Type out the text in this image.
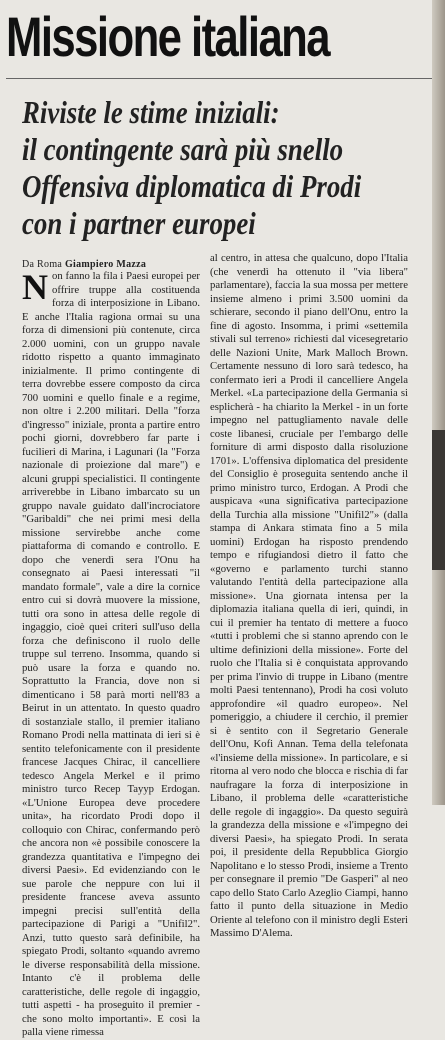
Missione italiana
Riviste le stime iniziali:
il contingente sarà più snello
Offensiva diplomatica di Prodi
con i partner europei
Da Roma Giampiero Mazza

Non fanno la fila i Paesi europei per offrire truppe alla costituenda forza di interposizione in Libano. E anche l'Italia ragiona ormai su una forza di dimensioni più contenute, circa 2.000 uomini, con un gruppo navale ridotto rispetto a quanto immaginato inizialmente. Il primo contingente di terra dovrebbe essere composto da circa 700 uomini e quello finale e a regime, non oltre i 2.200 militari. Della "forza d'ingresso" iniziale, pronta a partire entro pochi giorni, dovrebbero far parte i fucilieri di Marina, i Lagunari (la "Forza nazionale di proiezione dal mare") e alcuni gruppi specialistici. Il contingente arriverebbe in Libano imbarcato su un gruppo navale guidato dall'incrociatore "Garibaldi" che nei primi mesi della missione servirebbe anche come piattaforma di comando e controllo. E dopo che venerdì sera l'Onu ha consegnato ai Paesi interessati "il mandato formale", vale a dire la cornice entro cui si dovrà muovere la missione, tutti ora sono in attesa delle regole di ingaggio, cioè quei criteri sull'uso della forza che definiscono il ruolo delle truppe sul terreno. Insomma, quando si può usare la forza e quando no. Soprattutto la Francia, dove non si dimenticano i 58 parà morti nell'83 a Beirut in un attentato. In questo quadro di sostanziale stallo, il premier italiano Romano Prodi nella mattinata di ieri si è sentito telefonicamente con il presidente francese Jacques Chirac, il cancelliere tedesco Angela Merkel e il primo ministro turco Recep Tayyp Erdogan. «L'Unione Europea deve procedere unita», ha ricordato Prodi dopo il colloquio con Chirac, confermando però che ancora non «è possibile conoscere la grandezza quantitativa e l'impegno dei diversi Paesi». Ed evidenziando con le sue parole che neppure con lui il presidente francese aveva assunto impegni precisi sull'entità della partecipazione di Parigi a "Unifil2". Anzi, tutto questo sarà definibile, ha spiegato Prodi, soltanto «quando avremo le diverse responsabilità della missione. Intanto c'è il problema delle caratteristiche, delle regole di ingaggio, tutti aspetti - ha proseguito il premier - che sono molto importanti». E così la palla viene rimessa

al centro, in attesa che qualcuno, dopo l'Italia (che venerdì ha ottenuto il "via libera" parlamentare), faccia la sua mossa per mettere insieme almeno i primi 3.500 uomini da schierare, secondo il piano dell'Onu, entro la fine di agosto. Insomma, i primi «settemila stivali sul terreno» richiesti dal vicesegretario delle Nazioni Unite, Mark Malloch Brown. Certamente nessuno di loro sarà tedesco, ha confermato ieri a Prodi il cancelliere Angela Merkel. «La partecipazione della Germania si esplicherà - ha chiarito la Merkel - in un forte impegno nel pattugliamento navale delle coste libanesi, cruciale per l'embargo delle forniture di armi disposto dalla risoluzione 1701». L'offensiva diplomatica del presidente del Consiglio è proseguita sentendo anche il primo ministro turco, Erdogan. A Prodi che auspicava «una significativa partecipazione della Turchia alla missione "Unifil2"» (dalla stampa di Ankara stimata fino a 5 mila uomini) Erdogan ha risposto prendendo tempo e rifugiandosi dietro il fatto che «governo e parlamento turchi stanno valutando l'entità della partecipazione alla missione». Una giornata intensa per la diplomazia italiana quella di ieri, quindi, in cui il premier ha tentato di mettere a fuoco «tutti i problemi che si stanno aprendo con le ultime definizioni della missione». Forte del ruolo che l'Italia si è conquistata approvando per prima l'invio di truppe in Libano (mentre molti Paesi tentennano), Prodi ha così voluto approfondire «il quadro europeo». Nel pomeriggio, a chiudere il cerchio, il premier si è sentito con il Segretario Generale dell'Onu, Kofi Annan. Tema della telefonata «l'insieme della missione». In particolare, e si ritorna al vero nodo che blocca e rischia di far naufragare la forza di interposizione in Libano, il problema delle «caratteristiche delle regole di ingaggio». Da questo seguirà la grandezza della missione e «l'impegno dei diversi Paesi», ha spiegato Prodi. In serata poi, il presidente della Repubblica Giorgio Napolitano e lo stesso Prodi, insieme a Trento per consegnare il premio "De Gasperi" al neo capo dello Stato Carlo Azeglio Ciampi, hanno fatto il punto della situazione in Medio Oriente al telefono con il ministro degli Esteri Massimo D'Alema.
